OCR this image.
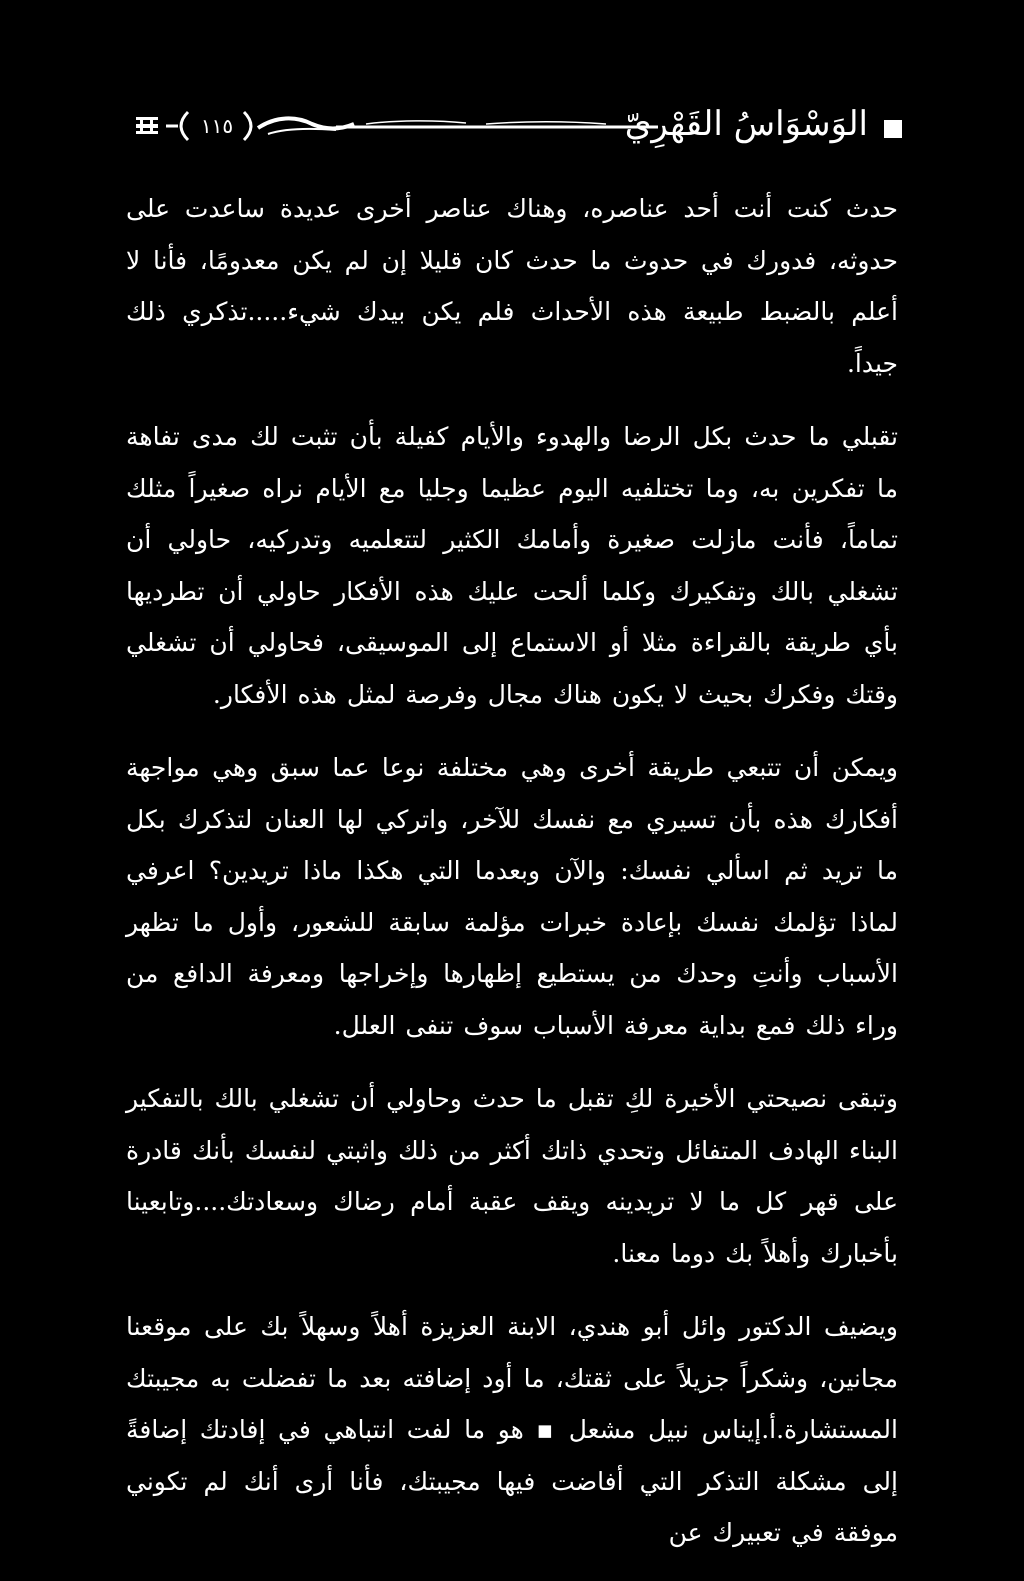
الوَسْوَاسُ القَهْرِيّ
١١٥

حدث كنت أنت أحد عناصره، وهناك عناصر أخرى عديدة ساعدت على حدوثه، فدورك في حدوث ما حدث كان قليلا إن لم يكن معدومًا، فأنا لا أعلم بالضبط طبيعة هذه الأحداث فلم يكن بيدك شيء.....تذكري ذلك جيداً.

تقبلي ما حدث بكل الرضا والهدوء والأيام كفيلة بأن تثبت لك مدى تفاهة ما تفكرين به، وما تختلفيه اليوم عظيما وجليا مع الأيام نراه صغيراً مثلك تماماً، فأنت مازلت صغيرة وأمامك الكثير لتتعلميه وتدركيه، حاولي أن تشغلي بالك وتفكيرك وكلما ألحت عليك هذه الأفكار حاولي أن تطرديها بأي طريقة بالقراءة مثلا أو الاستماع إلى الموسيقى، فحاولي أن تشغلي وقتك وفكرك بحيث لا يكون هناك مجال وفرصة لمثل هذه الأفكار.

ويمكن أن تتبعي طريقة أخرى وهي مختلفة نوعا عما سبق وهي مواجهة أفكارك هذه بأن تسيري مع نفسك للآخر، واتركي لها العنان لتذكرك بكل ما تريد ثم اسألي نفسك: والآن وبعدما التي هكذا ماذا تريدين؟ اعرفي لماذا تؤلمك نفسك بإعادة خبرات مؤلمة سابقة للشعور، وأول ما تظهر الأسباب وأنتِ وحدك من يستطيع إظهارها وإخراجها ومعرفة الدافع من وراء ذلك فمع بداية معرفة الأسباب سوف تنفى العلل.

وتبقى نصيحتي الأخيرة لكِ تقبل ما حدث وحاولي أن تشغلي بالك بالتفكير البناء الهادف المتفائل وتحدي ذاتك أكثر من ذلك واثبتي لنفسك بأنك قادرة على قهر كل ما لا تريدينه ويقف عقبة أمام رضاك وسعادتك....وتابعينا بأخبارك وأهلاً بك دوما معنا.

ويضيف الدكتور وائل أبو هندي، الابنة العزيزة أهلاً وسهلاً بك على موقعنا مجانين، وشكراً جزيلاً على ثقتك، ما أود إضافته بعد ما تفضلت به مجيبتك المستشارة.أ.إيناس نبيل مشعل ▪ هو ما لفت انتباهي في إفادتك إضافةً إلى مشكلة التذكر التي أفاضت فيها مجيبتك، فأنا أرى أنك لم تكوني موفقة في تعبيرك عن
